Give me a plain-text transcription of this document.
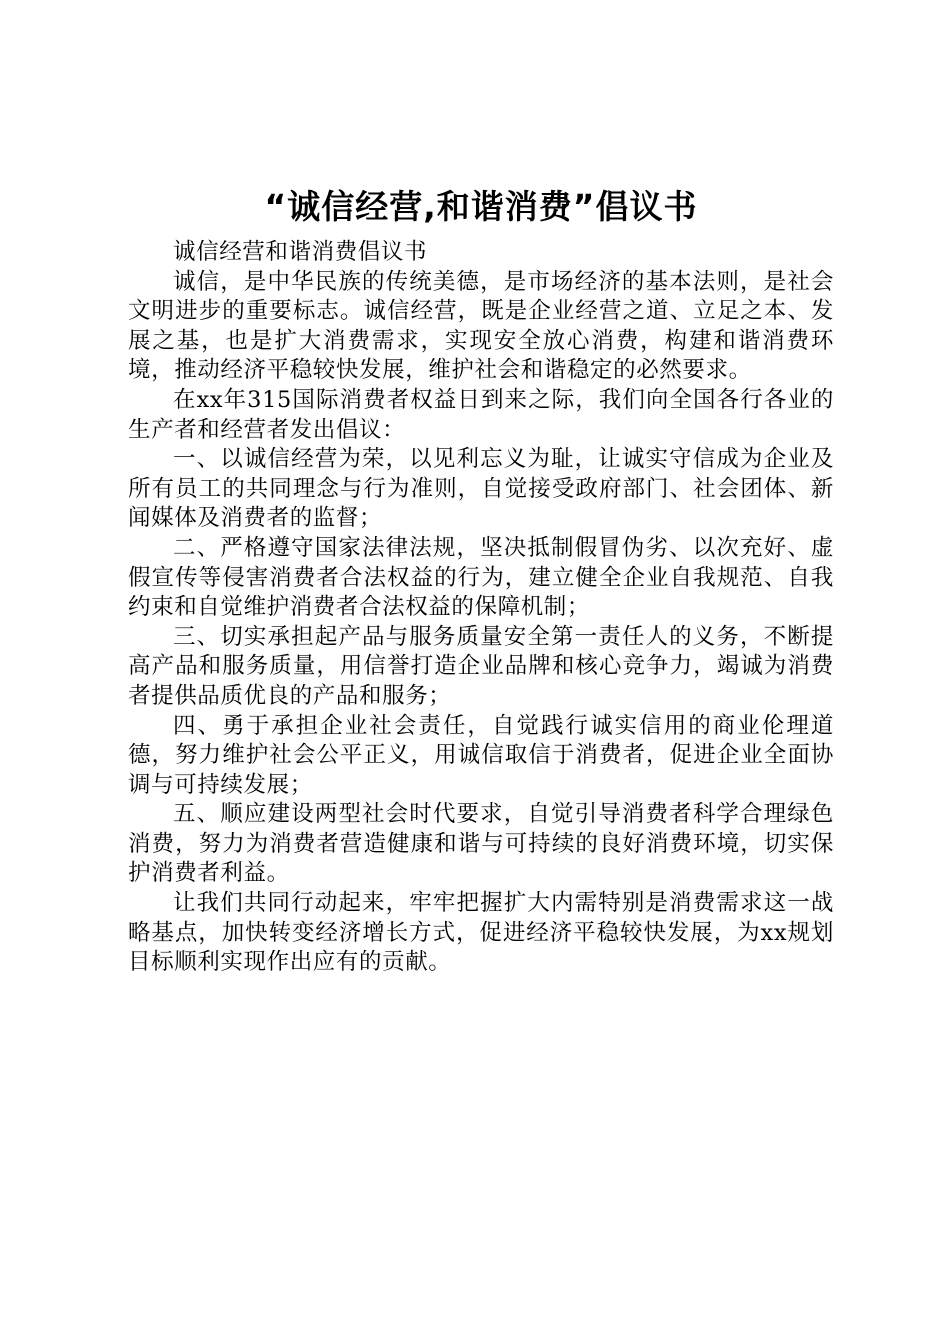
“诚信经营,和谐消费”倡议书

诚信经营和谐消费倡议书

诚信，是中华民族的传统美德，是市场经济的基本法则，是社会文明进步的重要标志。诚信经营，既是企业经营之道、立足之本、发展之基，也是扩大消费需求，实现安全放心消费，构建和谐消费环境，推动经济平稳较快发展，维护社会和谐稳定的必然要求。

在xx年315国际消费者权益日到来之际，我们向全国各行各业的生产者和经营者发出倡议：

一、以诚信经营为荣，以见利忘义为耻，让诚实守信成为企业及所有员工的共同理念与行为准则，自觉接受政府部门、社会团体、新闻媒体及消费者的监督；

二、严格遵守国家法律法规，坚决抵制假冒伪劣、以次充好、虚假宣传等侵害消费者合法权益的行为，建立健全企业自我规范、自我约束和自觉维护消费者合法权益的保障机制；

三、切实承担起产品与服务质量安全第一责任人的义务，不断提高产品和服务质量，用信誉打造企业品牌和核心竞争力，竭诚为消费者提供品质优良的产品和服务；

四、勇于承担企业社会责任，自觉践行诚实信用的商业伦理道德，努力维护社会公平正义，用诚信取信于消费者，促进企业全面协调与可持续发展；

五、顺应建设两型社会时代要求，自觉引导消费者科学合理绿色消费，努力为消费者营造健康和谐与可持续的良好消费环境，切实保护消费者利益。

让我们共同行动起来，牢牢把握扩大内需特别是消费需求这一战略基点，加快转变经济增长方式，促进经济平稳较快发展，为xx规划目标顺利实现作出应有的贡献。
